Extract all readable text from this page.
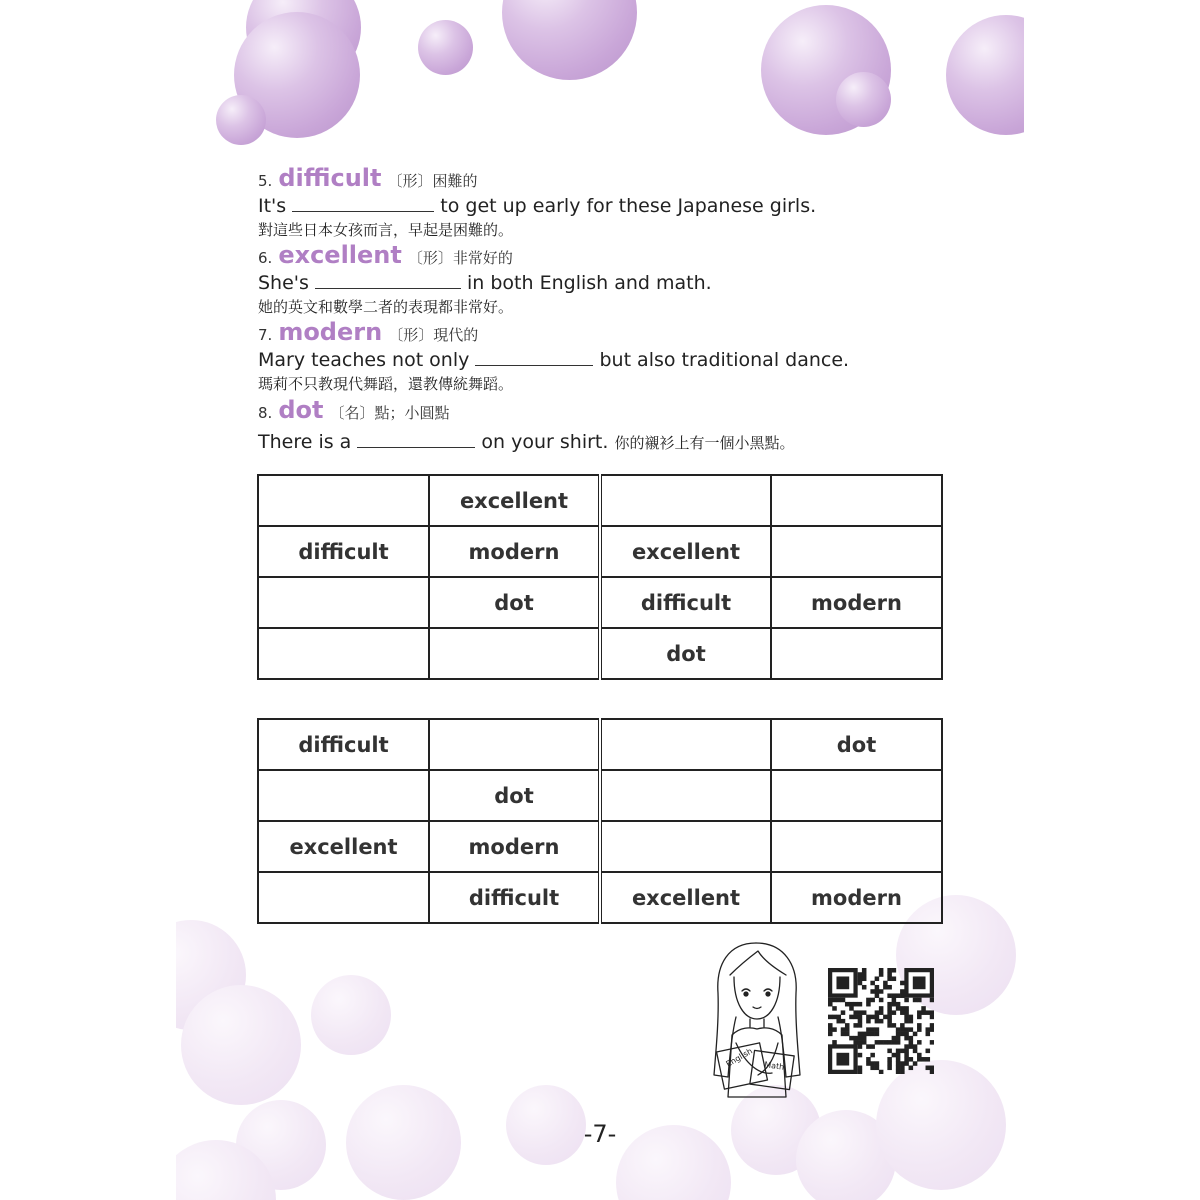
5. difficult 〔形〕困難的
It's	to get up early for these Japanese girls.
對這些日本女孩而言，早起是困難的。
6. excellent 〔形〕非常好的
She's	in both English and math.
她的英文和數學二者的表現都非常好。
7. modern 〔形〕現代的
Mary teaches not only	but also traditional dance.
瑪莉不只教現代舞蹈，還教傳統舞蹈。
8. dot 〔名〕點；小圓點
There is a	on your shirt. 你的襯衫上有一個小黑點。
	excellent		
difficult	modern	excellent	
	dot	difficult	modern
		dot	
difficult			dot
	dot		
excellent	modern		
	difficult	excellent	modern
English Math
-7-
